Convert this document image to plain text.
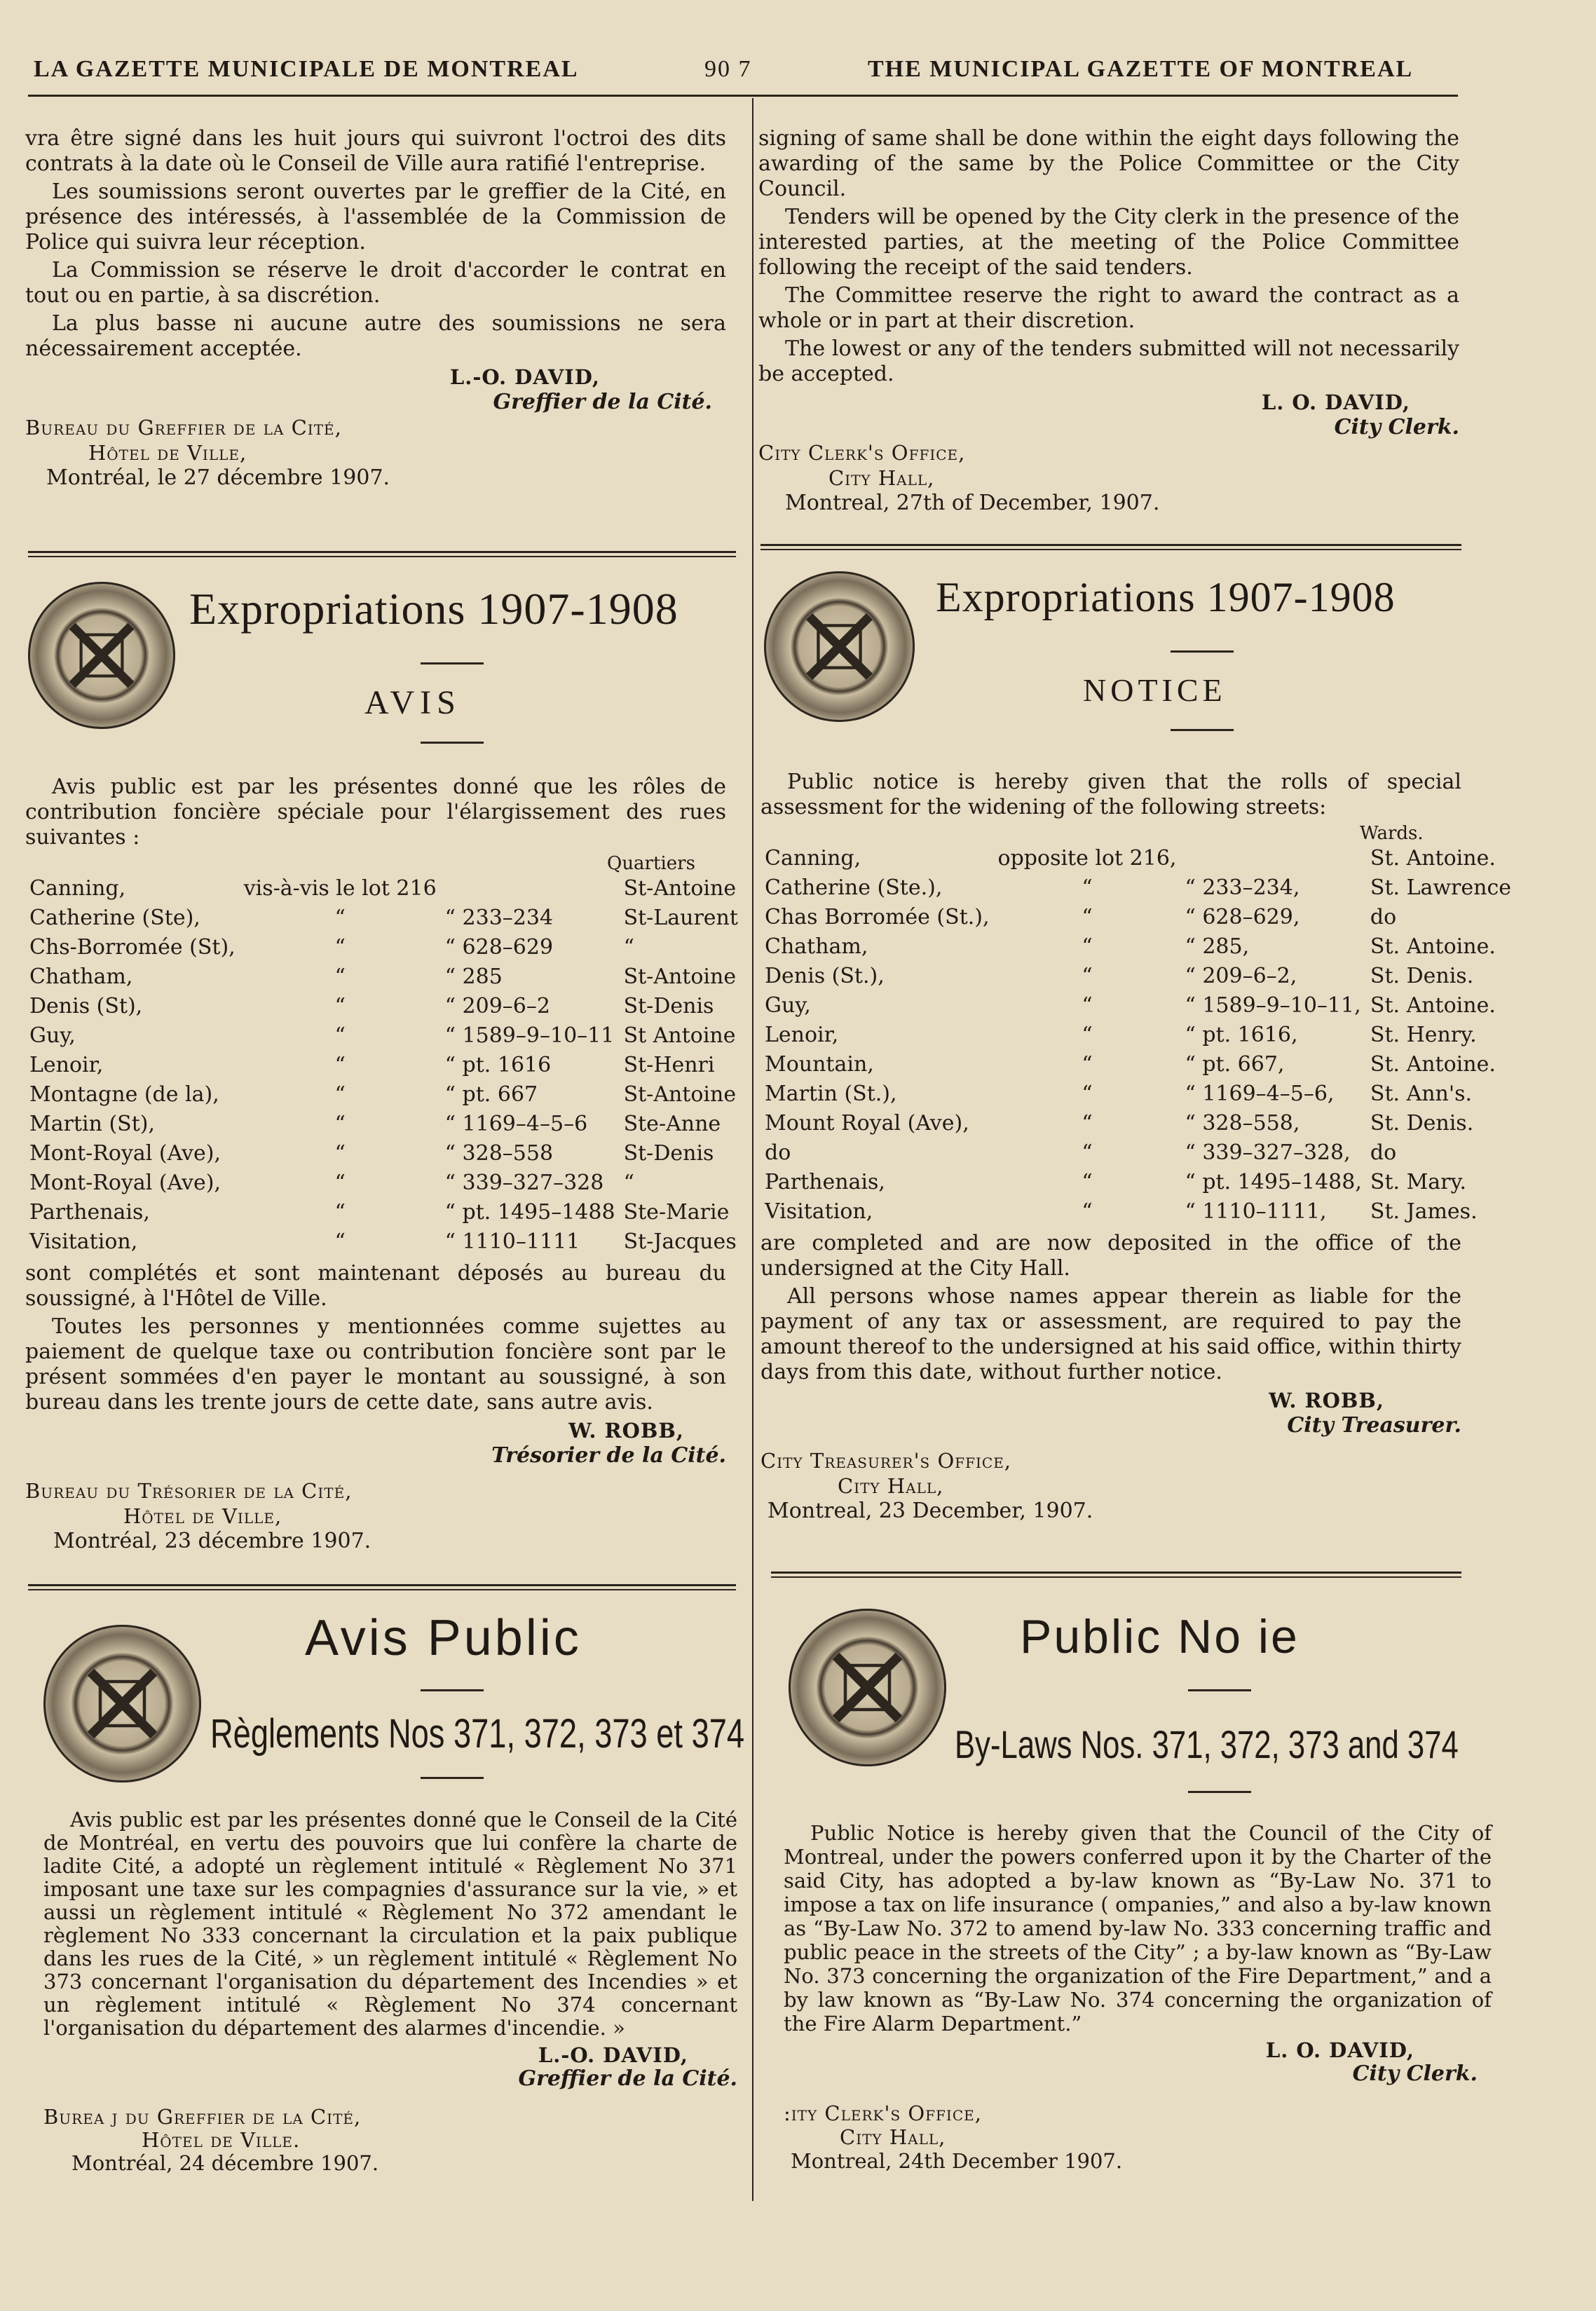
LA GAZETTE MUNICIPALE DE MONTREAL	90 7	THE MUNICIPAL GAZETTE OF MONTREAL

vra être signé dans les huit jours qui suivront l'octroi des dits contrats à la date où le Conseil de Ville aura ratifié l'entreprise.

Les soumissions seront ouvertes par le greffier de la Cité, en présence des intéressés, à l'assemblée de la Commission de Police qui suivra leur réception.

La Commission se réserve le droit d'accorder le contrat en tout ou en partie, à sa discrétion.

La plus basse ni aucune autre des soumissions ne sera nécessairement acceptée.

L.-O. DAVID,
Greffier de la Cité.
Bureau du Greffier de la Cité,
Hôtel de Ville,
Montréal, le 27 décembre 1907.

signing of same shall be done within the eight days following the awarding of the same by the Police Committee or the City Council.

Tenders will be opened by the City clerk in the presence of the interested parties, at the meeting of the Police Committee following the receipt of the said tenders.

The Committee reserve the right to award the contract as a whole or in part at their discretion.

The lowest or any of the tenders submitted will not necessarily be accepted.

L. O. DAVID,
City Clerk.
City Clerk's Office,
City Hall,
Montreal, 27th of December, 1907.
Expropriations 1907-1908
AVIS

Avis public est par les présentes donné que les rôles de contribution foncière spéciale pour l'élargissement des rues suivantes :

Quartiers
Canning,	vis-à-vis le lot 216		St-Antoine
Catherine (Ste),	“	“ 233–234	St-Laurent
Chs-Borromée (St),	“	“ 628–629	“
Chatham,	“	“ 285	St-Antoine
Denis (St),	“	“ 209–6–2	St-Denis
Guy,	“	“ 1589–9–10–11	St Antoine
Lenoir,	“	“ pt. 1616	St-Henri
Montagne (de la),	“	“ pt. 667	St-Antoine
Martin (St),	“	“ 1169–4–5–6	Ste-Anne
Mont-Royal (Ave),	“	“ 328–558	St-Denis
Mont-Royal (Ave),	“	“ 339–327–328	“
Parthenais,	“	“ pt. 1495–1488	Ste-Marie
Visitation,	“	“ 1110–1111	St-Jacques

sont complétés et sont maintenant déposés au bureau du soussigné, à l'Hôtel de Ville.

Toutes les personnes y mentionnées comme sujettes au paiement de quelque taxe ou contribution foncière sont par le présent sommées d'en payer le montant au soussigné, à son bureau dans les trente jours de cette date, sans autre avis.

W. ROBB,
Trésorier de la Cité.
Bureau du Trésorier de la Cité,
Hôtel de Ville,
Montréal, 23 décembre 1907.
Expropriations 1907-1908
NOTICE

Public notice is hereby given that the rolls of special assessment for the widening of the following streets:

Wards.
Canning,	opposite lot 216,		St. Antoine.
Catherine (Ste.),	“	“ 233–234,	St. Lawrence
Chas Borromée (St.),	“	“ 628–629,	do
Chatham,	“	“ 285,	St. Antoine.
Denis (St.),	“	“ 209–6–2,	St. Denis.
Guy,	“	“ 1589–9–10–11,	St. Antoine.
Lenoir,	“	“ pt. 1616,	St. Henry.
Mountain,	“	“ pt. 667,	St. Antoine.
Martin (St.),	“	“ 1169–4–5–6,	St. Ann's.
Mount Royal (Ave),	“	“ 328–558,	St. Denis.
do	“	“ 339–327–328,	do
Parthenais,	“	“ pt. 1495–1488,	St. Mary.
Visitation,	“	“ 1110–1111,	St. James.

are completed and are now deposited in the office of the undersigned at the City Hall.

All persons whose names appear therein as liable for the payment of any tax or assessment, are required to pay the amount thereof to the undersigned at his said office, within thirty days from this date, without further notice.

W. ROBB,
City Treasurer.
City Treasurer's Office,
City Hall,
Montreal, 23 December, 1907.
Avis Public
Règlements Nos 371, 372, 373 et 374

Avis public est par les présentes donné que le Conseil de la Cité de Montréal, en vertu des pouvoirs que lui confère la charte de ladite Cité, a adopté un règlement intitulé « Règlement No 371 imposant une taxe sur les compagnies d'assurance sur la vie, » et aussi un règlement intitulé « Règlement No 372 amendant le règlement No 333 concernant la circulation et la paix publique dans les rues de la Cité, » un règlement intitulé « Règlement No 373 concernant l'organisation du département des Incendies » et un règlement intitulé « Règlement No 374 concernant l'organisation du département des alarmes d'incendie. »

L.-O. DAVID,
Greffier de la Cité.
Burea j du Greffier de la Cité,
Hôtel de Ville.
Montréal, 24 décembre 1907.
Public No ie
By-Laws Nos. 371, 372, 373 and 374

Public Notice is hereby given that the Council of the City of Montreal, under the powers conferred upon it by the Charter of the said City, has adopted a by-law known as “By-Law No. 371 to impose a tax on life insurance ( ompanies,” and also a by-law known as “By-Law No. 372 to amend by-law No. 333 concerning traffic and public peace in the streets of the City” ; a by-law known as “By-Law No. 373 concerning the organization of the Fire Department,” and a by law known as “By-Law No. 374 concerning the organization of the Fire Alarm Department.”

L. O. DAVID,
City Clerk.
:ity Clerk's Office,
City Hall,
Montreal, 24th December 1907.
